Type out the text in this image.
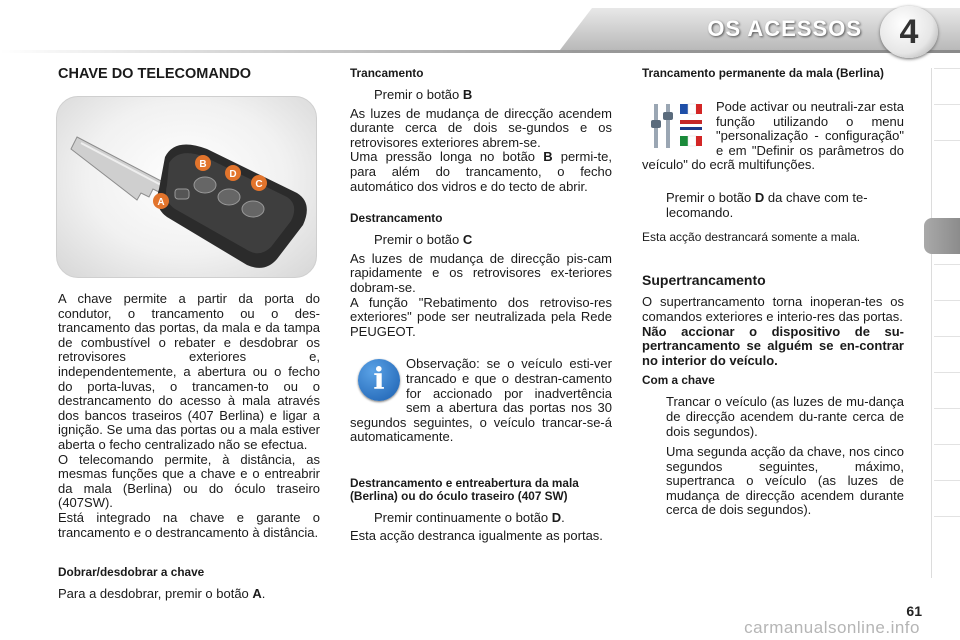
OS ACESSOS	4
CHAVE DO TELECOMANDO
B
D
C
A

A chave permite a partir da porta do condutor, o trancamento ou o des-trancamento das portas, da mala e da tampa de combustível o rebater e desdobrar os retrovisores exteriores e, independentemente, a abertura ou o fecho do porta-luvas, o trancamen-to ou o destrancamento do acesso à mala através dos bancos traseiros (407 Berlina) e ligar a ignição. Se uma das portas ou a mala estiver aberta o fecho centralizado não se efectua.

O telecomando permite, à distância, as mesmas funções que a chave e o entreabrir da mala (Berlina) ou do óculo traseiro (407SW).

Está integrado na chave e garante o trancamento e o destrancamento à distância.

Dobrar/desdobrar a chave

Para a desdobrar, premir o botão A.

Trancamento
Premir o botão B

As luzes de mudança de direcção acendem durante cerca de dois se-gundos e os retrovisores exteriores abrem-se.

Uma pressão longa no botão B permi-te, para além do trancamento, o fecho automático dos vidros e do tecto de abrir.

Destrancamento
Premir o botão C

As luzes de mudança de direcção pis-cam rapidamente e os retrovisores ex-teriores dobram-se.

A função "Rebatimento dos retroviso-res exteriores" pode ser neutralizada pela Rede PEUGEOT.

i	Observação: se o veículo esti-ver trancado e que o destran-camento for accionado por inadvertência sem a abertura das portas nos 30 segundos seguintes, o veículo trancar-se-á automaticamente.

Destrancamento e entreabertura da mala (Berlina) ou do óculo traseiro (407 SW)
Premir continuamente o botão D.

Esta acção destranca igualmente as portas.

Trancamento permanente da mala (Berlina)

Pode activar ou neutrali-zar esta função utilizando o menu "personalização - configuração" e em "Definir os parâmetros do veículo" do ecrã multifunções.

Premir o botão D da chave com te-lecomando.

Esta acção destrancará somente a mala.

Supertrancamento

O supertrancamento torna inoperan-tes os comandos exteriores e interio-res das portas.

Não accionar o dispositivo de su-pertrancamento se alguém se en-contrar no interior do veículo.

Com a chave

Trancar o veículo (as luzes de mu-dança de direcção acendem du-rante cerca de dois segundos).

Uma segunda acção da chave, nos cinco segundos seguintes, máximo, supertranca o veículo (as luzes de mudança de direcção acendem durante cerca de dois segundos).

61
carmanualsonline.info
